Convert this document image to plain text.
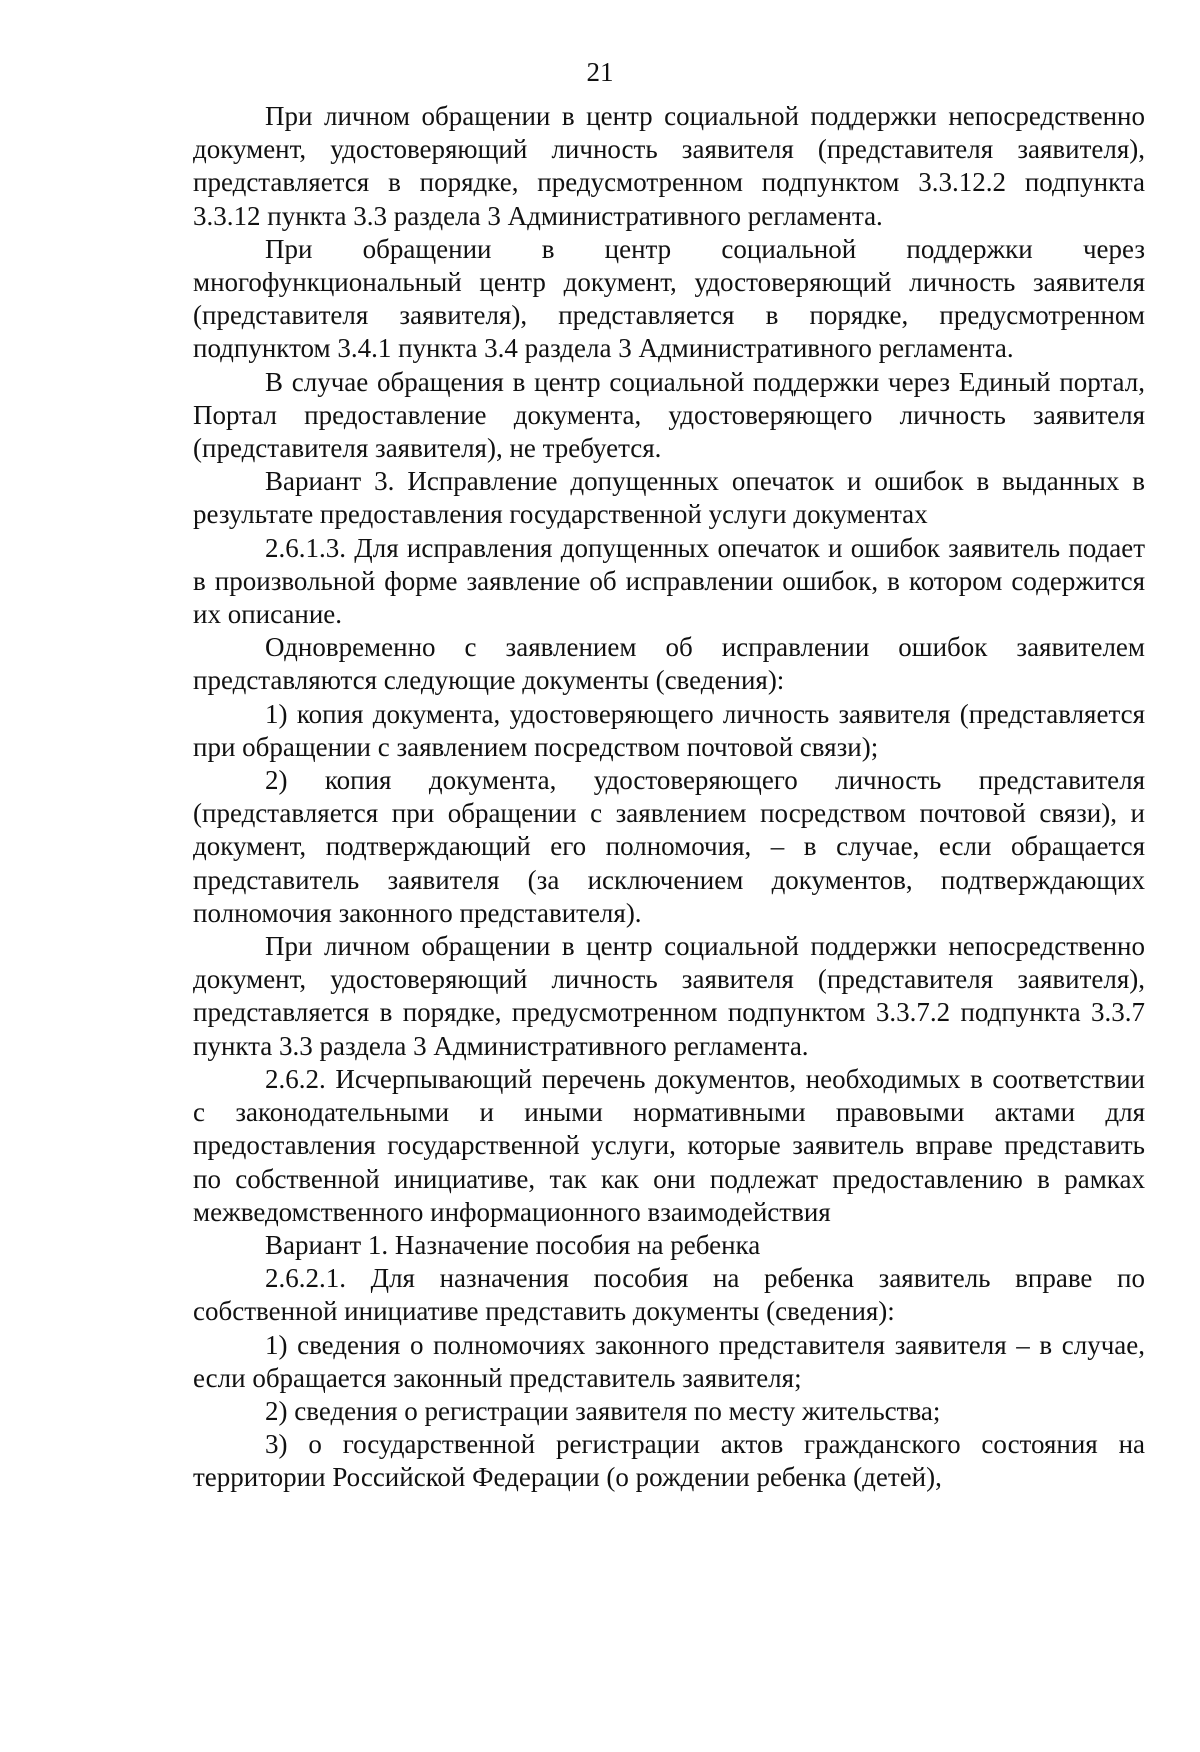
21

При личном обращении в центр социальной поддержки непосредственно документ, удостоверяющий личность заявителя (представителя заявителя), представляется в порядке, предусмотренном подпунктом 3.3.12.2 подпункта 3.3.12 пункта 3.3 раздела 3 Административного регламента.

При обращении в центр социальной поддержки через многофункциональный центр документ, удостоверяющий личность заявителя (представителя заявителя), представляется в порядке, предусмотренном подпунктом 3.4.1 пункта 3.4 раздела 3 Административного регламента.

В случае обращения в центр социальной поддержки через Единый портал, Портал предоставление документа, удостоверяющего личность заявителя (представителя заявителя), не требуется.

Вариант 3. Исправление допущенных опечаток и ошибок в выданных в результате предоставления государственной услуги документах

2.6.1.3. Для исправления допущенных опечаток и ошибок заявитель подает в произвольной форме заявление об исправлении ошибок, в котором содержится их описание.

Одновременно с заявлением об исправлении ошибок заявителем представляются следующие документы (сведения):

1) копия документа, удостоверяющего личность заявителя (представляется при обращении с заявлением посредством почтовой связи);

2) копия документа, удостоверяющего личность представителя (представляется при обращении с заявлением посредством почтовой связи), и документ, подтверждающий его полномочия, – в случае, если обращается представитель заявителя (за исключением документов, подтверждающих полномочия законного представителя).

При личном обращении в центр социальной поддержки непосредственно документ, удостоверяющий личность заявителя (представителя заявителя), представляется в порядке, предусмотренном подпунктом 3.3.7.2 подпункта 3.3.7 пункта 3.3 раздела 3 Административного регламента.

2.6.2. Исчерпывающий перечень документов, необходимых в соответствии с законодательными и иными нормативными правовыми актами для предоставления государственной услуги, которые заявитель вправе представить по собственной инициативе, так как они подлежат предоставлению в рамках межведомственного информационного взаимодействия

Вариант 1. Назначение пособия на ребенка

2.6.2.1. Для назначения пособия на ребенка заявитель вправе по собственной инициативе представить документы (сведения):

1) сведения о полномочиях законного представителя заявителя – в случае, если обращается законный представитель заявителя;

2) сведения о регистрации заявителя по месту жительства;

3) о государственной регистрации актов гражданского состояния на территории Российской Федерации (о рождении ребенка (детей),
